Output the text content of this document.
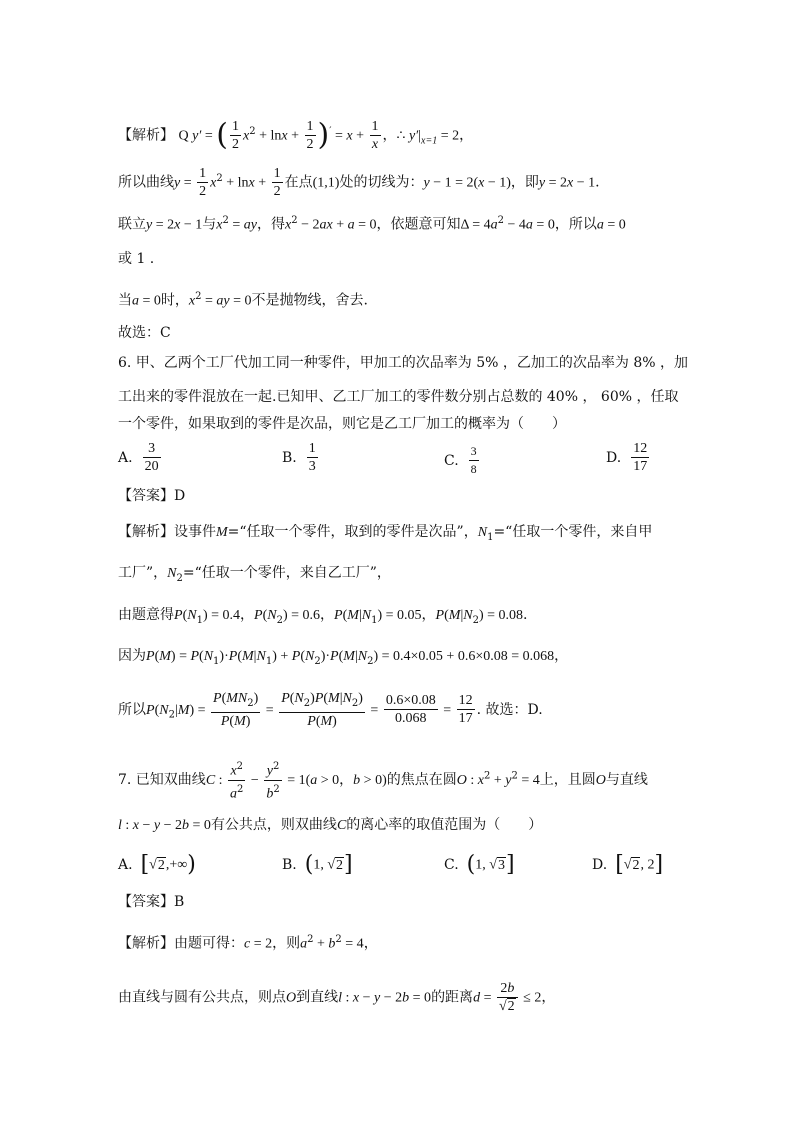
【解析】 Q y′ = ( $\frac{1}{2} x^2 + \ln x + \frac{1}{2} )' = x + \frac{1}{x}$ ，∴ $y'|_{x=1} = 2$，
所以曲线$y = \frac{1}{2} x^2 + \ln x + \frac{1}{2}$ 在点(1,1)处的切线为：y − 1 = 2(x − 1)，即y = 2x − 1.
联立y = 2x − 1与$x^2$ = ay，得$x^2 - 2ax + a = 0$，依题意可知$\Delta = 4a^2 - 4a = 0$，所以a = 0
或 1 .
当a = 0时，$x^2$ = ay = 0不是抛物线，舍去.
故选：C
6. 甲、乙两个工厂代加工同一种零件，甲加工的次品率为 5% ，乙加工的次品率为 8% ，加
工出来的零件混放在一起.已知甲、乙工厂加工的零件数分别占总数的 40% ， 60% ，任取
一个零件，如果取到的零件是次品，则它是乙工厂加工的概率为（　　）
A. $\frac{3}{20}$	B. $\frac{1}{3}$	C. $\frac{3}{8}$	D. $\frac{12}{17}$
【答案】D
【解析】设事件M=“任取一个零件，取到的零件是次品”，$N_1=“$任取一个零件，来自甲
工厂”，$N_2=“$任取一个零件，来自乙工厂”，
由题意得$P(N_1) = 0.4$，$P(N_2) = 0.6$，$P(M|N_1) = 0.05$，$P(M|N_2) = 0.08$.
因为$P(M) = P(N_1)\cdot P(M|N_1) + P(N_2)\cdot P(M|N_2) = 0.4\times 0.05 + 0.6\times 0.08 = 0.068$，
所以$P(N_2|M) = \frac{P(MN_2)}{P(M)} = \frac{P(N_2)P(M|N_2)}{P(M)} = \frac{0.6\times 0.08}{0.068} = \frac{12}{17}$ . 故选：D.
7. 已知双曲线C : $\frac{x^2}{a^2} - \frac{y^2}{b^2} = 1(a > 0$，b > 0)的焦点在圆O : $x^2 + y^2 = 4$上，且圆O与直线
l : x − y − 2b = 0有公共点，则双曲线C的离心率的取值范围为（　　）
A. [√2,+∞)	B. (1, √2]	C. (1, √3]	D. [√2, 2]
【答案】B
【解析】由题可得：c = 2，则$a^2 + b^2 = 4$，
由直线与圆有公共点，则点O到直线l : x − y − 2b = 0的距离$d = \frac{2b}{√2} \le 2$，
